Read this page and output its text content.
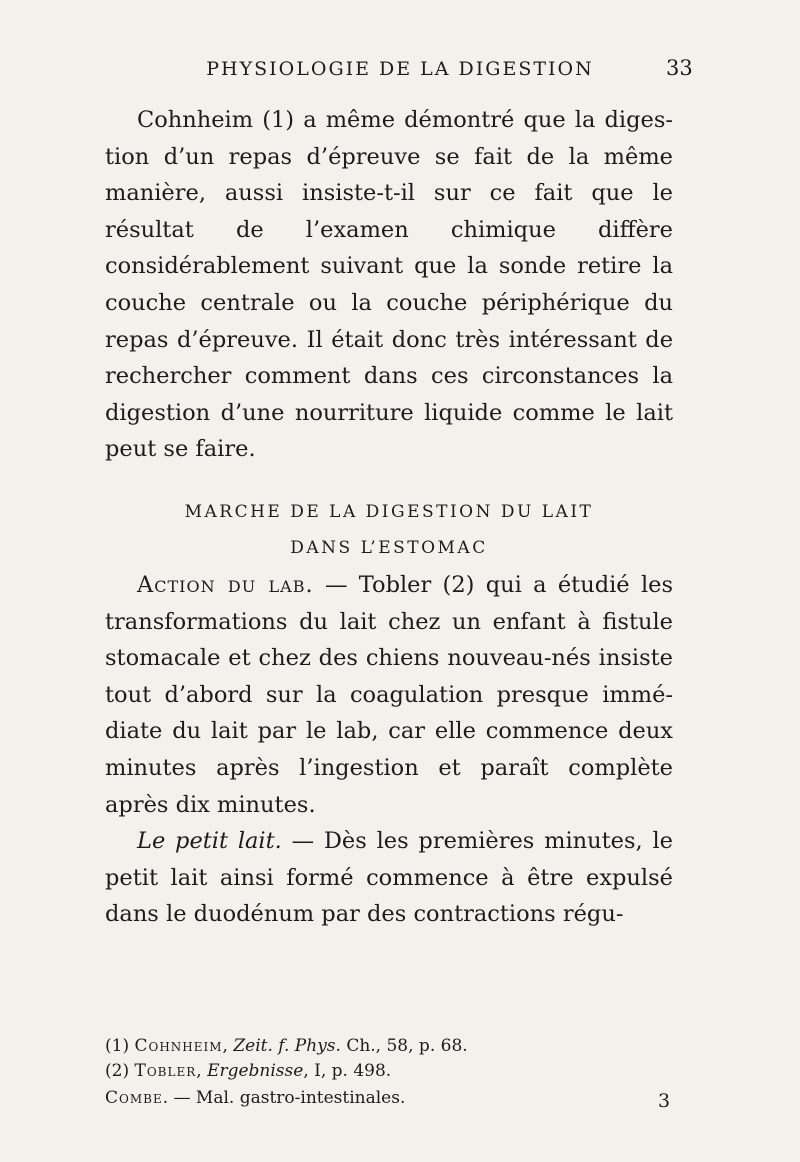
PHYSIOLOGIE DE LA DIGESTION	33

Cohnheim (1) a même démontré que la diges- tion d’un repas d’épreuve se fait de la même manière, aussi insiste-t-il sur ce fait que le résultat de l’examen chimique diffère considérablement suivant que la sonde retire la couche centrale ou la couche périphérique du repas d’épreuve. Il était donc très intéressant de rechercher comment dans ces circonstances la digestion d’une nourriture liquide comme le lait peut se faire.

MARCHE DE LA DIGESTION DU LAIT
DANS L’ESTOMAC

Action du lab. — Tobler (2) qui a étudié les transformations du lait chez un enfant à fistule stomacale et chez des chiens nouveau-nés insiste tout d’abord sur la coagulation presque immé- diate du lait par le lab, car elle commence deux minutes après l’ingestion et paraît complète après dix minutes.

Le petit lait. — Dès les premières minutes, le petit lait ainsi formé commence à être expulsé dans le duodénum par des contractions régu-

(1) Cohnheim, Zeit. f. Phys. Ch., 58, p. 68.
(2) Tobler, Ergebnisse, I, p. 498.
Combe. — Mal. gastro-intestinales.	3
